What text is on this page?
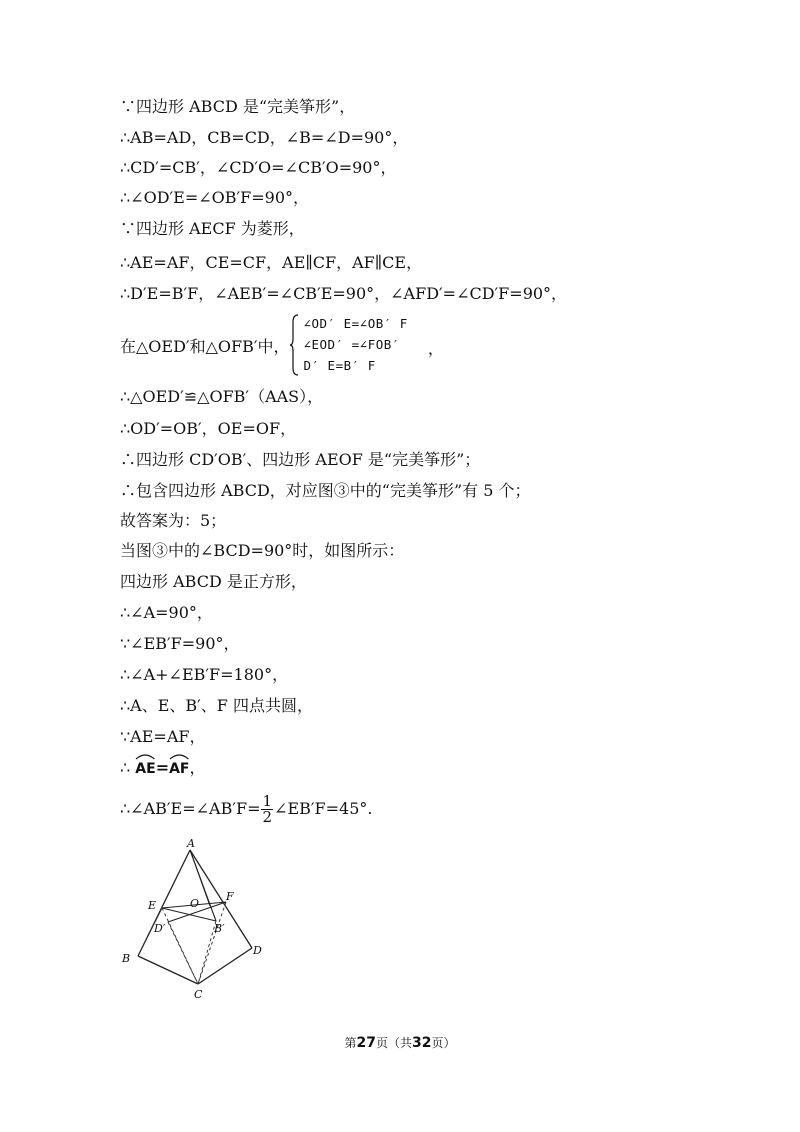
∵四边形 ABCD 是“完美筝形”，
∴AB=AD，CB=CD，∠B=∠D=90°，
∴CD′=CB′，∠CD′O=∠CB′O=90°，
∴∠OD′E=∠OB′F=90°，
∵四边形 AECF 为菱形，
∴AE=AF，CE=CF，AE∥CF，AF∥CE，
∴D′E=B′F，∠AEB′=∠CB′E=90°，∠AFD′=∠CD′F=90°，
在△OED′和△OFB′中，
∠OD′ E=∠OB′ F
∠EOD′ =∠FOB′
D′ E=B′ F
，
∴△OED′≌△OFB′（AAS），
∴OD′=OB′，OE=OF，
∴四边形 CD′OB′、四边形 AEOF 是“完美筝形”；
∴包含四边形 ABCD，对应图③中的“完美筝形”有 5 个；
故答案为：5；
当图③中的∠BCD=90°时，如图所示：
四边形 ABCD 是正方形，
∴∠A=90°，
∵∠EB′F=90°，
∴∠A+∠EB′F=180°，
∴A、E、B′、F 四点共圆，
∵AE=AF，
∴ AE=
AF，
∴∠AB′E=∠AB′F= $\frac{1}{2}$ ∠EB′F=45°.
A
E	O
F
D′	B′
B
D
C
第27页（共32页）
